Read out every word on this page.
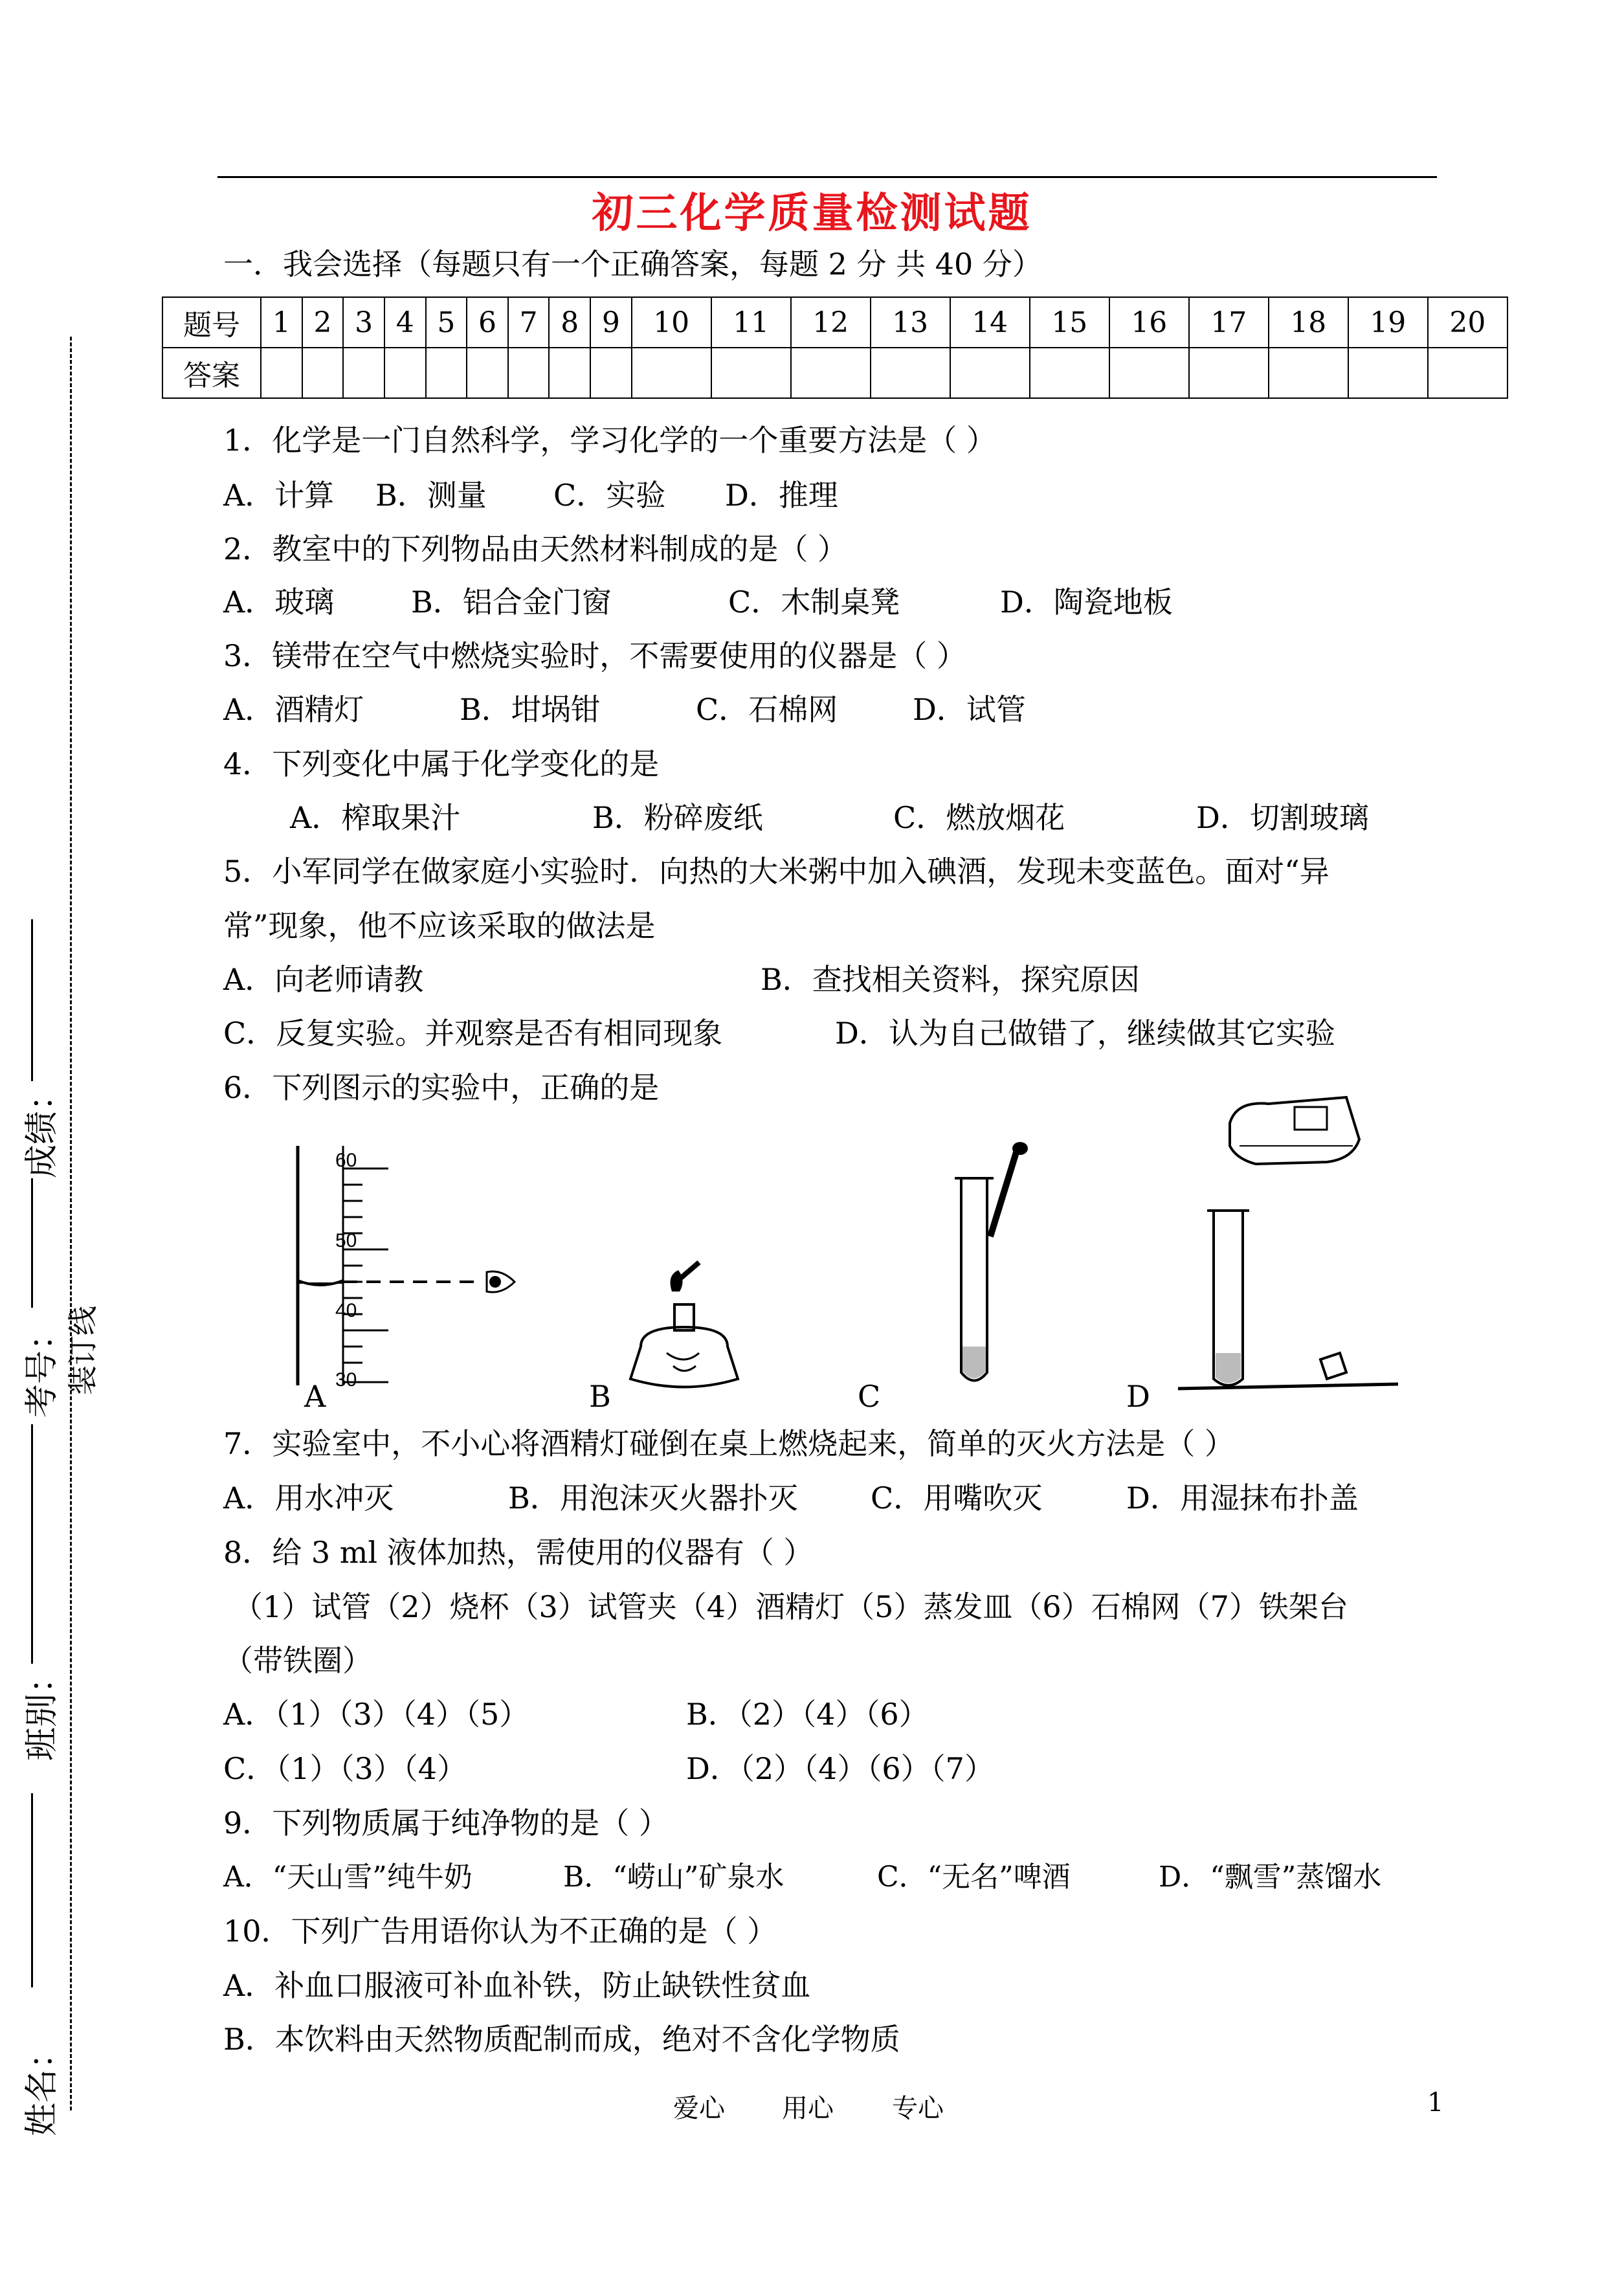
初三化学质量检测试题
一．我会选择（每题只有一个正确答案，每题 2 分 共 40 分）
题号	1	2	3	4	5	6	7	8	9	10	11	12	13	14	15	16	17	18	19	20
答案																				
1．化学是一门自然科学，学习化学的一个重要方法是（ ）
A．计算 B．测量 C．实验 D．推理
2．教室中的下列物品由天然材料制成的是（ ）
A．玻璃	B．铝合金门窗	C．木制桌凳	D．陶瓷地板
3．镁带在空气中燃烧实验时，不需要使用的仪器是（ ）
A．酒精灯	B．坩埚钳	C．石棉网	D．试管
4．下列变化中属于化学变化的是
A．榨取果汁	B．粉碎废纸	C．燃放烟花	D．切割玻璃
5．小军同学在做家庭小实验时．向热的大米粥中加入碘酒，发现未变蓝色。面对“异
常”现象，他不应该采取的做法是
A．向老师请教	B．查找相关资料，探究原因
C．反复实验。并观察是否有相同现象	D．认为自己做错了，继续做其它实验
6．下列图示的实验中，正确的是
60
50
40
30
A	B	C	D
7．实验室中，不小心将酒精灯碰倒在桌上燃烧起来，简单的灭火方法是（ ）
A．用水冲灭	B．用泡沫灭火器扑灭 C．用嘴吹灭	D．用湿抹布扑盖
8．给 3 ml 液体加热，需使用的仪器有（ ）
（1）试管（2）烧杯（3）试管夹（4）酒精灯（5）蒸发皿（6）石棉网（7）铁架台
（带铁圈）
A．（1）（3）（4）（5）	B．（2）（4）（6）
C．（1）（3）（4）	D．（2）（4）（6）（7）
9．下列物质属于纯净物的是（ ）
A．“天山雪”纯牛奶	B．“崂山”矿泉水	C．“无名”啤酒	D．“飘雪”蒸馏水
10．下列广告用语你认为不正确的是（ ）
A．补血口服液可补血补铁，防止缺铁性贫血
B．本饮料由天然物质配制而成，绝对不含化学物质
成绩：
考号： 装订线
班别：
姓名：	爱心 用心 专心	1
